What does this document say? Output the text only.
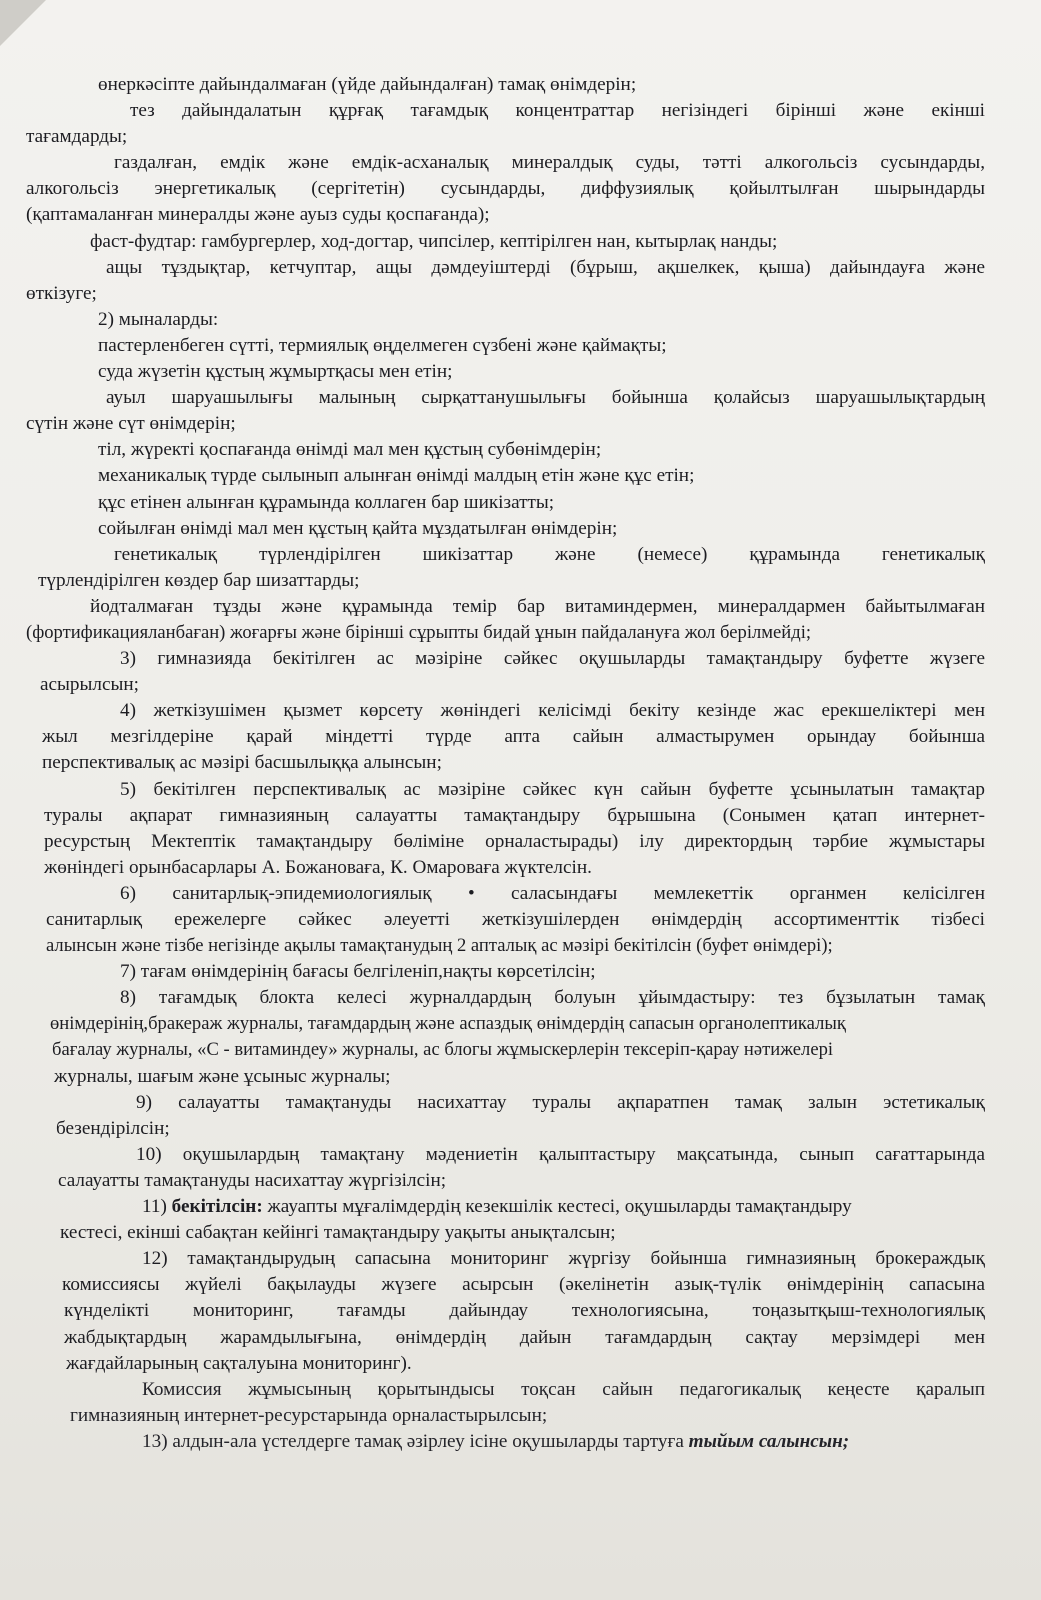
өнеркәсіпте дайындалмаған (үйде дайындалған) тамақ өнімдерін;

тез дайындалатын құрғақ тағамдық концентраттар негізіндегі бірінші және екінші

тағамдарды;

газдалған, емдік және емдік-асханалық минералдық суды, тәтті алкогольсіз сусындарды,

алкогольсіз энергетикалық (сергітетін) сусындарды, диффузиялық қойылтылған шырындарды

(қаптамаланған минералды және ауыз суды қоспағанда);

фаст-фудтар: гамбургерлер, ход-догтар, чипсілер, кептірілген нан, кытырлақ нанды;

ащы тұздықтар, кетчуптар, ащы дәмдеуіштерді (бұрыш, ақшелкек, қыша) дайындауға және

өткізуге;

2) мыналарды:

пастерленбеген сүтті, термиялық өңделмеген сүзбені және қаймақты;

суда жүзетін құстың жұмыртқасы мен етін;

ауыл шаруашылығы малының сырқаттанушылығы бойынша қолайсыз шаруашылықтардың

сүтін және сүт өнімдерін;

тіл, жүректі қоспағанда өнімді мал мен құстың субөнімдерін;

механикалық түрде сылынып алынған өнімді малдың етін және құс етін;

құс етінен алынған құрамында коллаген бар шикізатты;

сойылған өнімді мал мен құстың қайта мұздатылған өнімдерін;

генетикалық түрлендірілген шикізаттар және (немесе) құрамында генетикалық

түрлендірілген көздер бар шизаттарды;

йодталмаған тұзды және құрамында темір бар витаминдермен, минералдармен байытылмаған

(фортификацияланбаған) жоғарғы және бірінші сұрыпты бидай ұнын пайдалануға жол берілмейді;

3) гимназияда бекітілген ас мәзіріне сәйкес оқушыларды тамақтандыру буфетте жүзеге

асырылсын;

4) жеткізушімен қызмет көрсету жөніндегі келісімді бекіту кезінде жас ерекшеліктері мен

жыл мезгілдеріне қарай міндетті түрде апта сайын алмастырумен орындау бойынша

перспективалық ас мәзірі басшылыққа алынсын;

5) бекітілген перспективалық ас мәзіріне сәйкес күн сайын буфетте ұсынылатын тамақтар

туралы ақпарат гимназияның салауатты тамақтандыру бұрышына (Сонымен қатап интернет-

ресурстың Мектептік тамақтандыру бөліміне орналастырады) ілу директордың тәрбие жұмыстары

жөніндегі орынбасарлары А. Божановаға, К. Омароваға жүктелсін.

6) санитарлық-эпидемиологиялық • саласындағы мемлекеттік органмен келісілген

санитарлық ережелерге сәйкес әлеуетті жеткізушілерден өнімдердің ассортименттік тізбесі

алынсын және тізбе негізінде ақылы тамақтанудың 2 апталық ас мәзірі бекітілсін (буфет өнімдері);

7) тағам өнімдерінің бағасы белгіленіп,нақты көрсетілсін;

8) тағамдық блокта келесі журналдардың болуын ұйымдастыру: тез бұзылатын тамақ

өнімдерінің,бракераж журналы, тағамдардың және аспаздық өнімдердің сапасын органолептикалық

бағалау журналы, «С - витаминдеу» журналы, ас блогы жұмыскерлерін тексеріп-қарау нәтижелері

журналы, шағым және ұсыныс журналы;

9) салауатты тамақтануды насихаттау туралы ақпаратпен тамақ залын эстетикалық

безендірілсін;

10) оқушылардың тамақтану мәдениетін қалыптастыру мақсатында, сынып сағаттарында

салауатты тамақтануды насихаттау жүргізілсін;

11) бекітілсін: жауапты мұғалімдердің кезекшілік кестесі, оқушыларды тамақтандыру

кестесі, екінші сабақтан кейінгі тамақтандыру уақыты анықталсын;

12) тамақтандырудың сапасына мониторинг жүргізу бойынша гимназияның брокераждық

комиссиясы жүйелі бақылауды жүзеге асырсын (әкелінетін азық-түлік өнімдерінің сапасына

күнделікті мониторинг, тағамды дайындау технологиясына, тоңазытқыш-технологиялық

жабдықтардың жарамдылығына, өнімдердің дайын тағамдардың сақтау мерзімдері мен

жағдайларының сақталуына мониторинг).

Комиссия жұмысының қорытындысы тоқсан сайын педагогикалық кеңесте қаралып

гимназияның интернет-ресурстарында орналастырылсын;

13) алдын-ала үстелдерге тамақ әзірлеу ісіне оқушыларды тартуға тыйым салынсын;
